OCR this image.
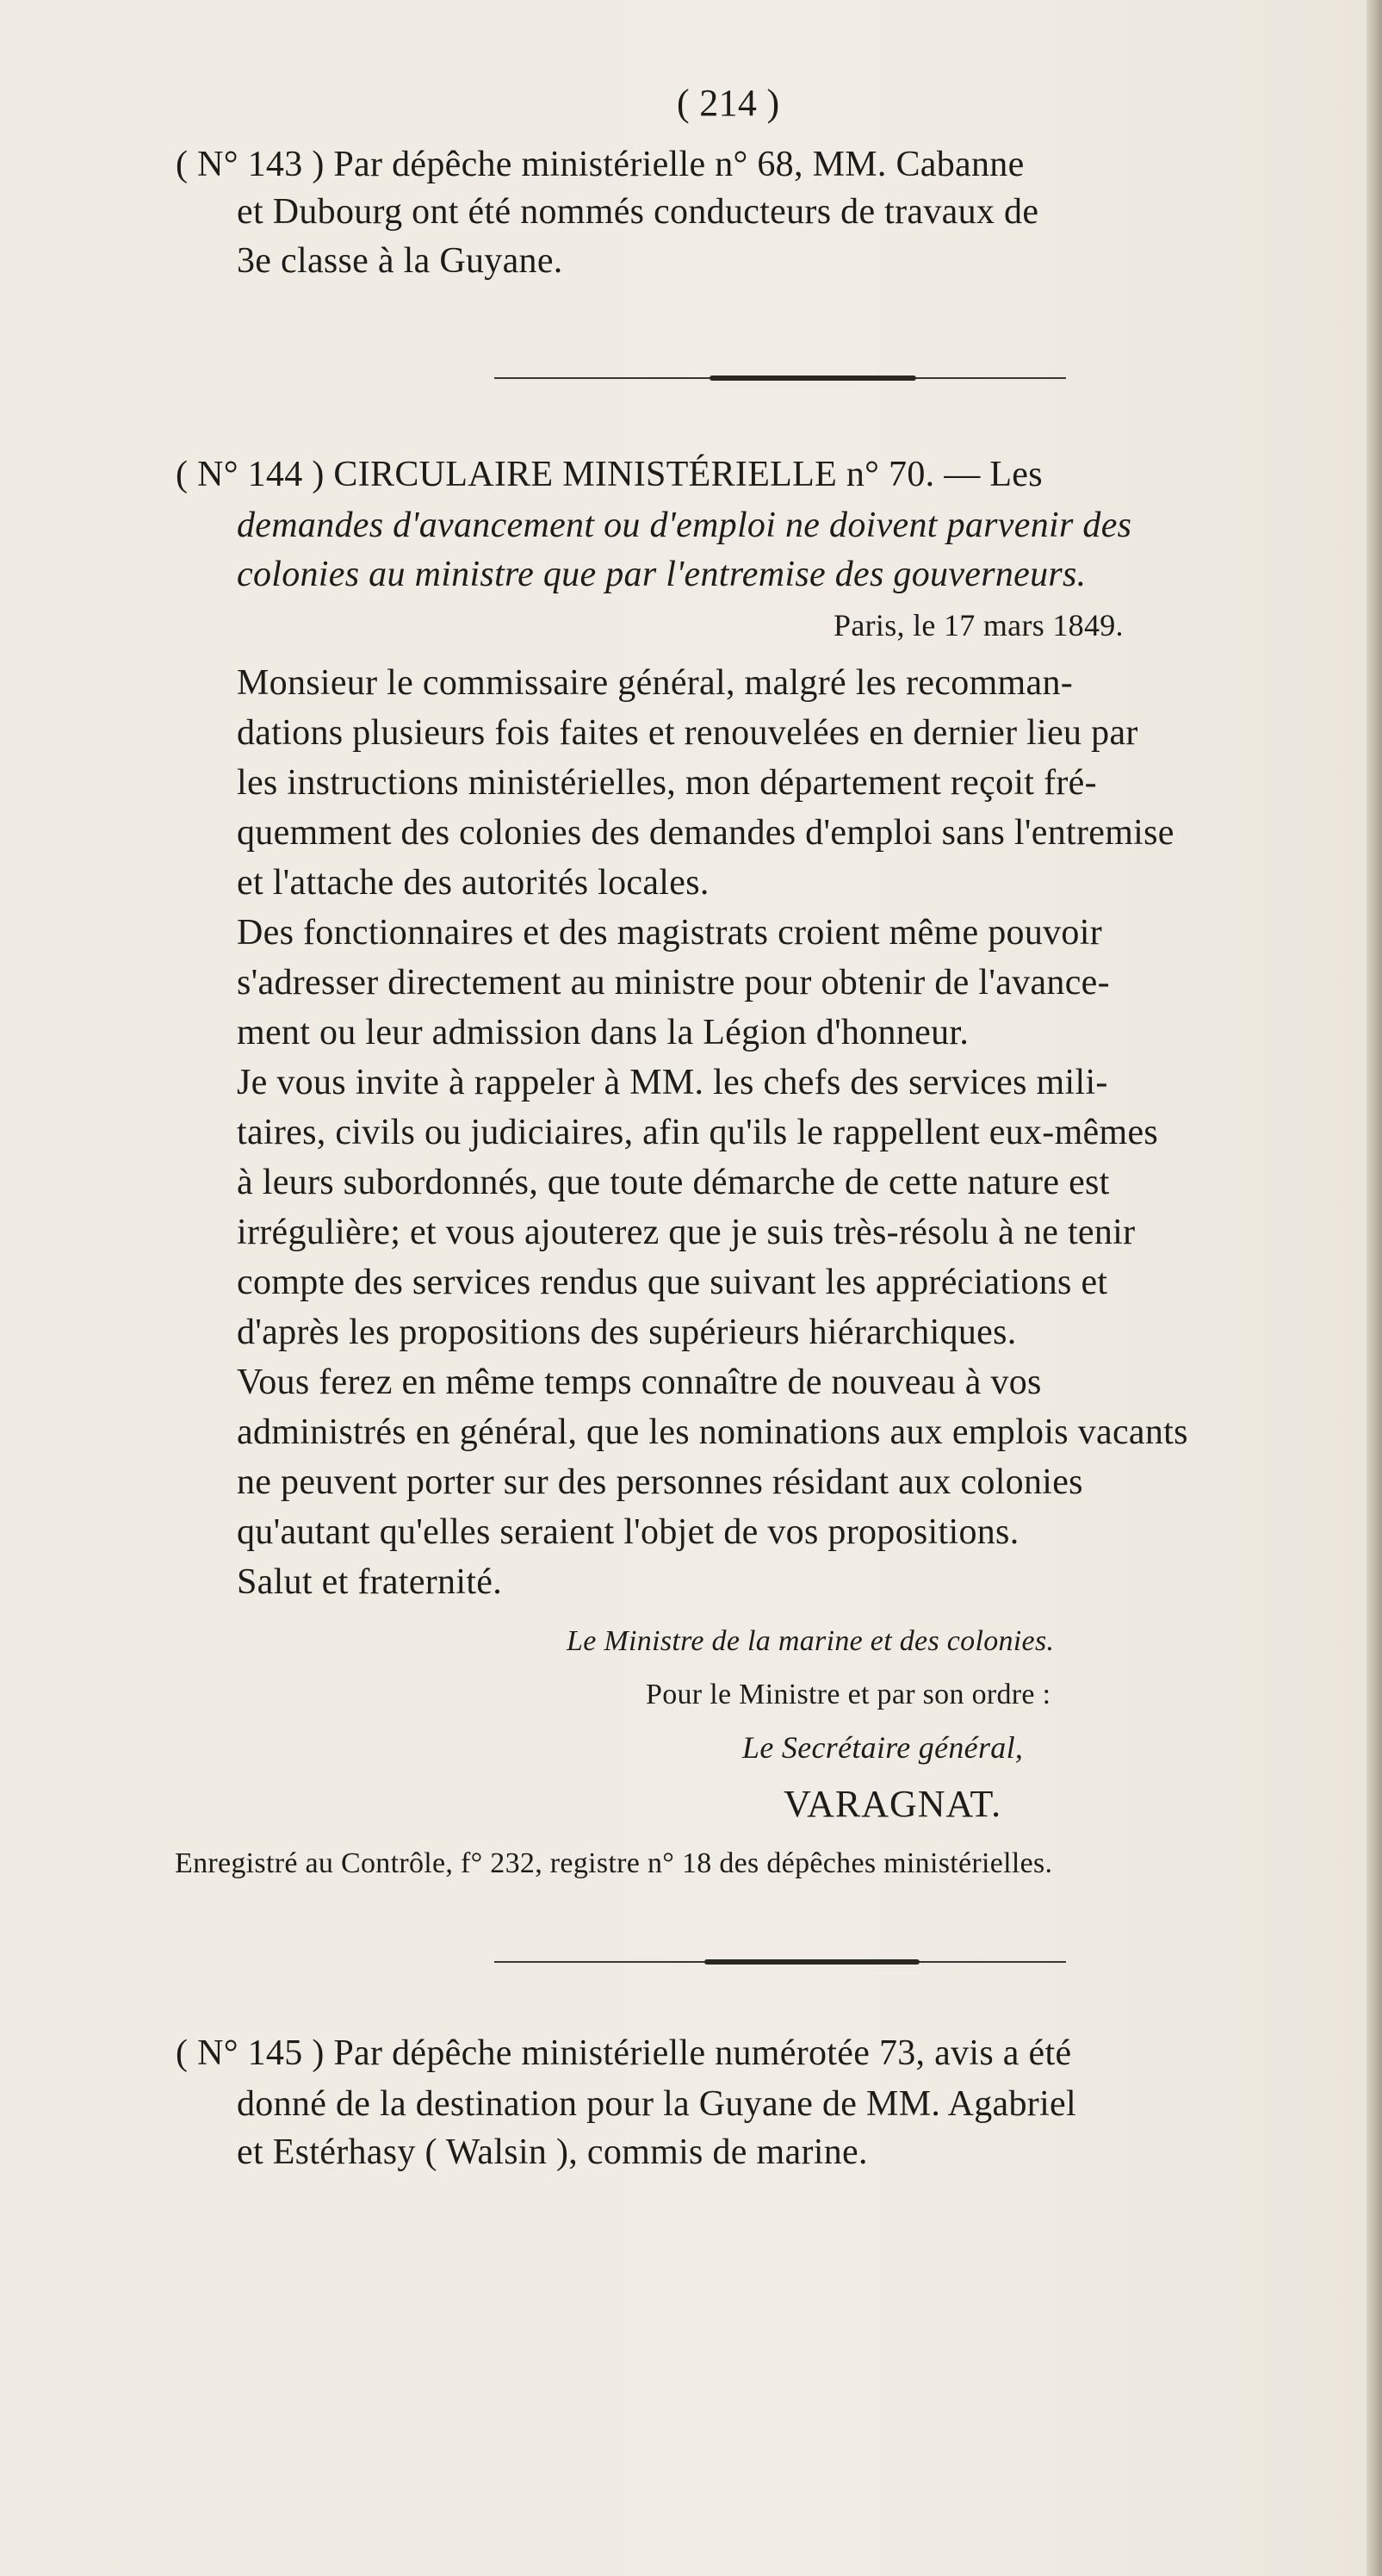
( 214 )
( N° 143 ) Par dépêche ministérielle n° 68, MM. Cabanne
et Dubourg ont été nommés conducteurs de travaux de
3e classe à la Guyane.
( N° 144 ) CIRCULAIRE MINISTÉRIELLE n° 70. — Les
demandes d'avancement ou d'emploi ne doivent parvenir des
colonies au ministre que par l'entremise des gouverneurs.
Paris, le 17 mars 1849.
Monsieur le commissaire général, malgré les recomman-
dations plusieurs fois faites et renouvelées en dernier lieu par
les instructions ministérielles, mon département reçoit fré-
quemment des colonies des demandes d'emploi sans l'entremise
et l'attache des autorités locales.
Des fonctionnaires et des magistrats croient même pouvoir
s'adresser directement au ministre pour obtenir de l'avance-
ment ou leur admission dans la Légion d'honneur.
Je vous invite à rappeler à MM. les chefs des services mili-
taires, civils ou judiciaires, afin qu'ils le rappellent eux-mêmes
à leurs subordonnés, que toute démarche de cette nature est
irrégulière; et vous ajouterez que je suis très-résolu à ne tenir
compte des services rendus que suivant les appréciations et
d'après les propositions des supérieurs hiérarchiques.
Vous ferez en même temps connaître de nouveau à vos
administrés en général, que les nominations aux emplois vacants
ne peuvent porter sur des personnes résidant aux colonies
qu'autant qu'elles seraient l'objet de vos propositions.
Salut et fraternité.
Le Ministre de la marine et des colonies.
Pour le Ministre et par son ordre :
Le Secrétaire général,
VARAGNAT.
Enregistré au Contrôle, f° 232, registre n° 18 des dépêches ministérielles.
( N° 145 ) Par dépêche ministérielle numérotée 73, avis a été
donné de la destination pour la Guyane de MM. Agabriel
et Estérhasy ( Walsin ), commis de marine.
